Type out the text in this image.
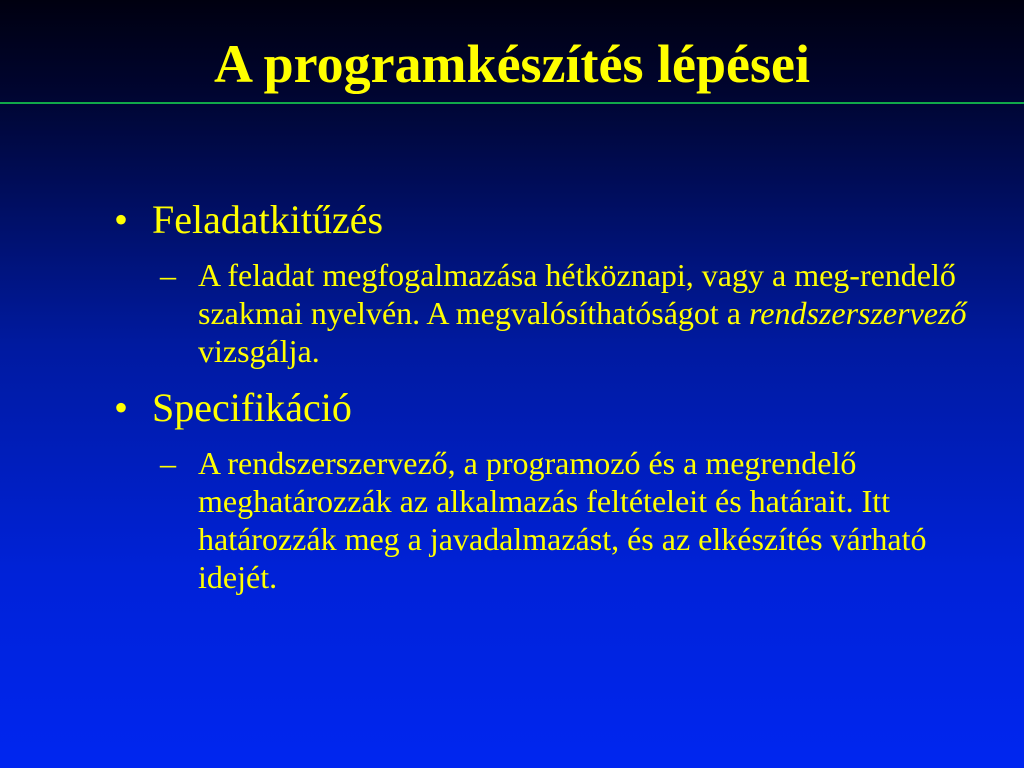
A programkészítés lépései
• Feladatkitűzés
– A feladat megfogalmazása hétköznapi, vagy a meg-rendelő szakmai nyelvén. A megvalósíthatóságot a rendszerszervező vizsgálja.
• Specifikáció
– A rendszerszervező, a programozó és a megrendelő meghatározzák az alkalmazás feltételeit és határait. Itt határozzák meg a javadalmazást, és az elkészítés várható idejét.
